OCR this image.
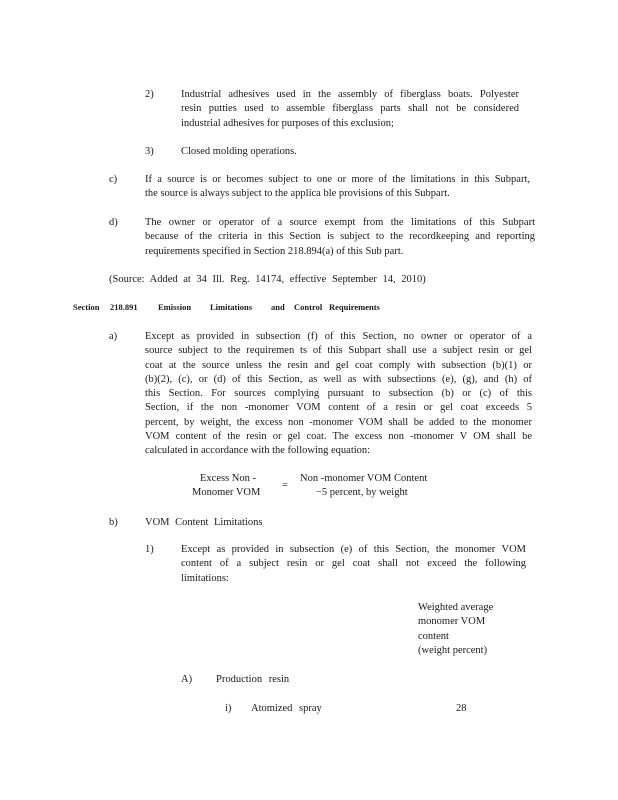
2)	Industrial adhesives used in the assembly of fiberglass boats. Polyester
resin putties used to assemble fiberglass parts shall not be considered
industrial adhesives for purposes of this exclusion;
3)	Closed molding operations.
c)	If a source is or becomes subject to one or more of the limitations in this Subpart,
the source is always subject to the applica ble provisions of this Subpart.
d)	The owner or operator of a source exempt from the limitations of this Subpart
because of the criteria in this Section is subject to the recordkeeping and reporting
requirements specified in Section 218.894(a) of this Sub part.
(Source: Added at 34 Ill. Reg. 14174, effective September 14, 2010)
Section 218.891 Emission Limitations and Control Requirements
a)	Except as provided in subsection (f) of this Section, no owner or operator of a
source subject to the requiremen ts of this Subpart shall use a subject resin or gel
coat at the source unless the resin and gel coat comply with subsection (b)(1) or
(b)(2), (c), or (d) of this Section, as well as with subsections (e), (g), and (h) of
this Section. For sources complying pursuant to subsection (b) or (c) of this
Section, if the non -monomer VOM content of a resin or gel coat exceeds 5
percent, by weight, the excess non -monomer VOM shall be added to the monomer
VOM content of the resin or gel coat. The excess non -monomer V OM shall be
calculated in accordance with the following equation:
Excess Non -
Monomer VOM
=
Non -monomer VOM Content
−5 percent, by weight
b)	VOM Content Limitations
1)	Except as provided in subsection (e) of this Section, the monomer VOM
content of a subject resin or gel coat shall not exceed the following
limitations:
Weighted average
monomer VOM
content
(weight percent)
A) Production resin
i) Atomized spray	28
